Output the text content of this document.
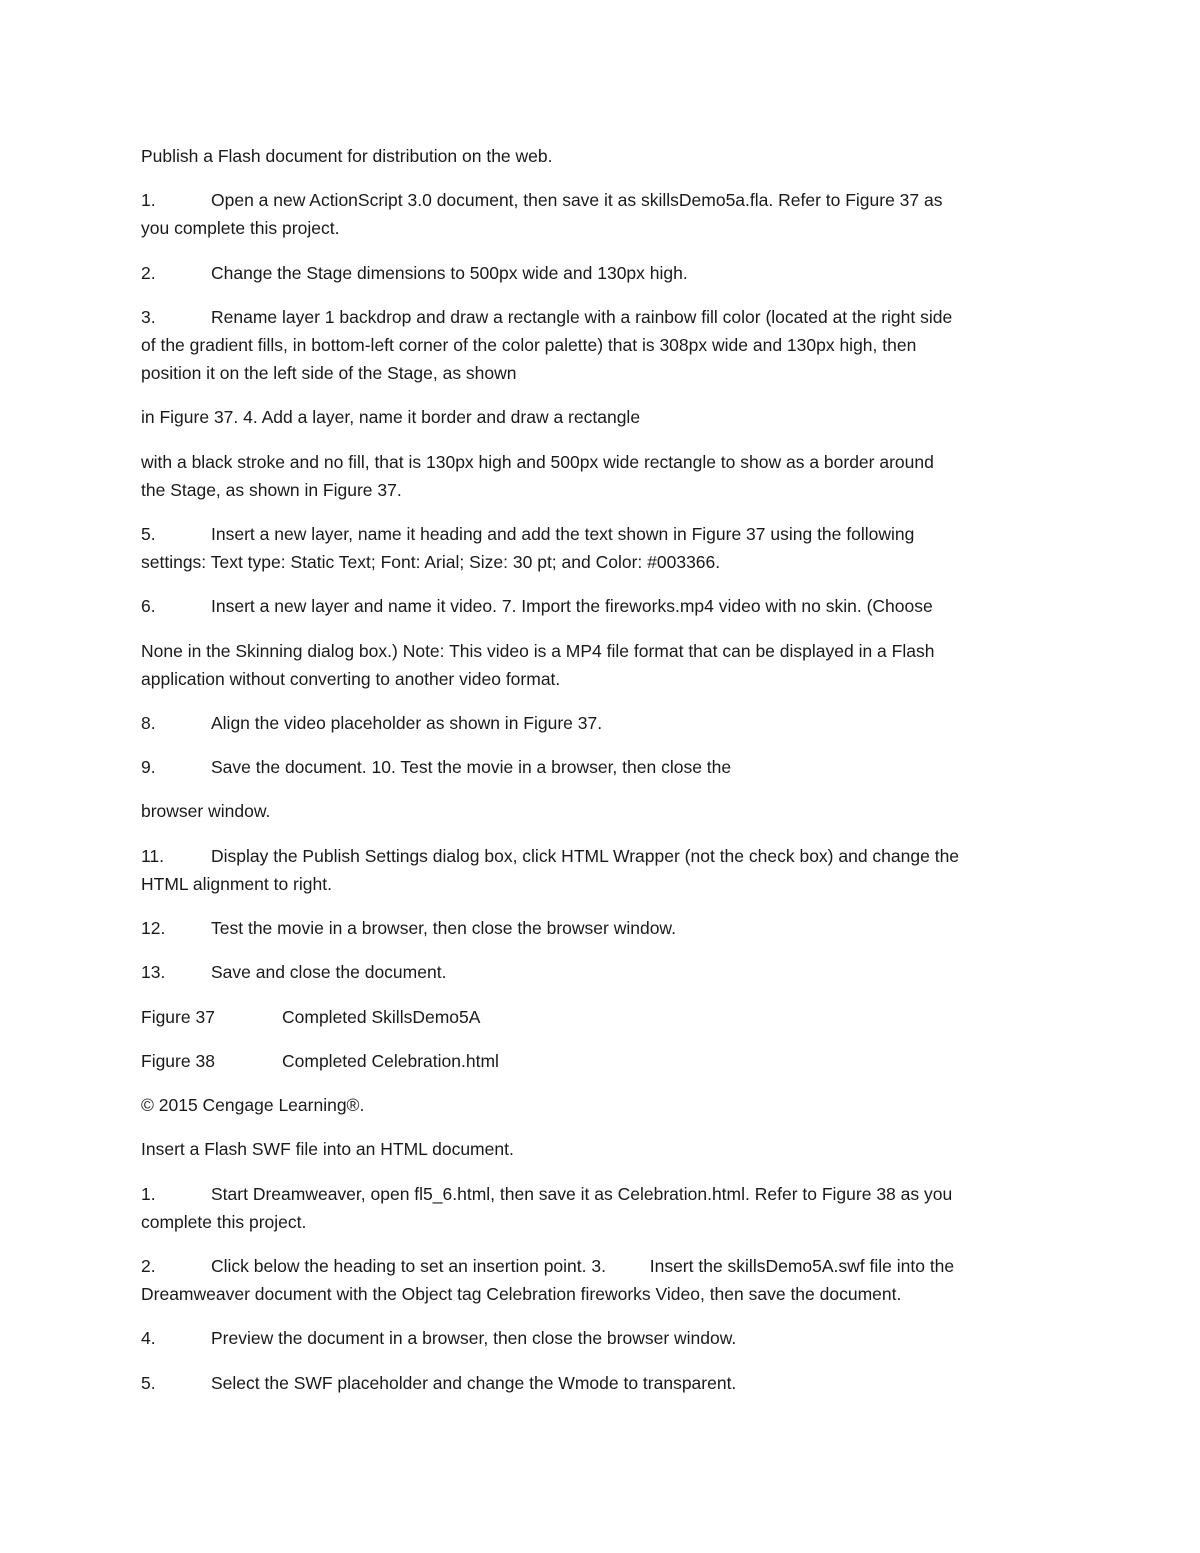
Publish a Flash document for distribution on the web.
1.	Open a new ActionScript 3.0 document, then save it as skillsDemo5a.fla. Refer to Figure 37 as
you complete this project.
2.	Change the Stage dimensions to 500px wide and 130px high.
3.	Rename layer 1 backdrop and draw a rectangle with a rainbow fill color (located at the right side
of the gradient fills, in bottom-left corner of the color palette) that is 308px wide and 130px high, then
position it on the left side of the Stage, as shown
in Figure 37. 4. Add a layer, name it border and draw a rectangle
with a black stroke and no fill, that is 130px high and 500px wide rectangle to show as a border around
the Stage, as shown in Figure 37.
5.	Insert a new layer, name it heading and add the text shown in Figure 37 using the following
settings: Text type: Static Text; Font: Arial; Size: 30 pt; and Color: #003366.
6.	Insert a new layer and name it video. 7. Import the fireworks.mp4 video with no skin. (Choose
None in the Skinning dialog box.) Note: This video is a MP4 file format that can be displayed in a Flash
application without converting to another video format.
8.	Align the video placeholder as shown in Figure 37.
9.	Save the document. 10. Test the movie in a browser, then close the
browser window.
11.	Display the Publish Settings dialog box, click HTML Wrapper (not the check box) and change the
HTML alignment to right.
12.	Test the movie in a browser, then close the browser window.
13.	Save and close the document.
Figure 37	Completed SkillsDemo5A
Figure 38	Completed Celebration.html
© 2015 Cengage Learning®.
Insert a Flash SWF file into an HTML document.
1.	Start Dreamweaver, open fl5_6.html, then save it as Celebration.html. Refer to Figure 38 as you
complete this project.
2.	Click below the heading to set an insertion point. 3.         Insert the skillsDemo5A.swf file into the
Dreamweaver document with the Object tag Celebration fireworks Video, then save the document.
4.	Preview the document in a browser, then close the browser window.
5.	Select the SWF placeholder and change the Wmode to transparent.
